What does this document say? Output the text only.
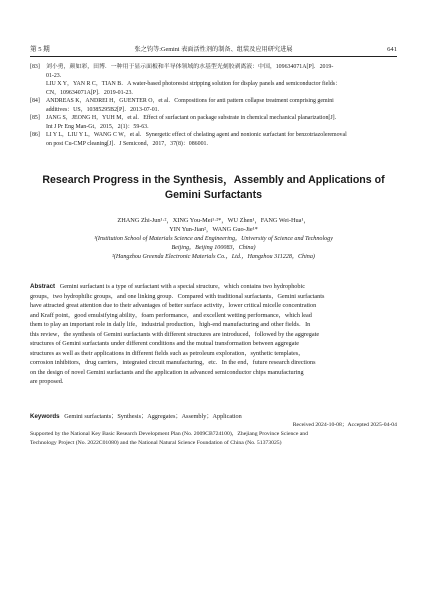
第 5 期	张之钧等:Gemini 表面活性剂的制备、组装及应用研究进展	641
[83] 刘小勇，颜如彩，田博．一种用于显示面板和半导体领域的水基型光刻胶剥离液：中国，109634071A[P]．2019-
01-23.
LIU X Y，YAN R C，TIAN B．A water-based photoresist stripping solution for display panels and semiconductor fields：
CN，109634071A[P]．2019-01-23.
[84] ANDREAS K，ANDREI H，GUENTER O，et al．Compositions for anti pattern collapse treatment comprising gemini
additives：US，10385295B2[P]．2013-07-01.
[85] JANG S，JEONG H，YUH M，et al．Effect of surfactant on package substrate in chemical mechanical planarization[J]．
Int J Pr Eng Man-Gt，2015，2(1)：59-63.
[86] LI Y L，LIU Y L，WANG C W，et al．Synergetic effect of chelating agent and nonionic surfactant for benzotriazoleremoval
on post Cu-CMP cleaning[J]．J Semicond，2017，37(8)：086001.
Research Progress in the Synthesis，Assembly and Applications of
Gemini Surfactants
ZHANG Zhi-Jun¹·²，XING You-Mei¹·²*，WU Zhen¹，FANG Wei-Hua¹，
YIN Yun-Jian²，WANG Guo-Jie¹*
¹(Institution School of Materials Science and Engineering，University of Science and Technology
Beijing，Beijing 100083，China)
²(Hangzhou Greenda Electronic Materials Co.，Ltd.，Hangzhou 311228，China)
Abstract Gemini surfactant is a type of surfactant with a special structure，which contains two hydrophobic
groups，two hydrophilic groups，and one linking group．Compared with traditional surfactants，Gemini surfactants
have attracted great attention due to their advantages of better surface activity，lower critical micelle concentration
and Kraff point，good emulsifying ability，foam performance，and excellent wetting performance，which lead
them to play an important role in daily life，industrial production，high-end manufacturing and other fields．In
this review，the synthesis of Gemini surfactants with different structures are introduced，followed by the aggregate
structures of Gemini surfactants under different conditions and the mutual transformation between aggregate
structures as well as their applications in different fields such as petroleum exploration，synthetic templates，
corrosion inhibitors，drug carriers，integrated circuit manufacturing，etc．In the end，future research directions
on the design of novel Gemini surfactants and the application in advanced semiconductor chips manufacturing
are proposed.
Keywords Gemini surfactants；Synthesis；Aggregates；Assembly；Application
Received 2024-10-08；Accepted 2025-04-04
Supported by the National Key Basic Research Development Plan (No. 2009CB724100)，Zhejiang Province Science and
Technology Project (No. 2022C01080) and the National Natural Science Foundation of China (No. 51373025)
